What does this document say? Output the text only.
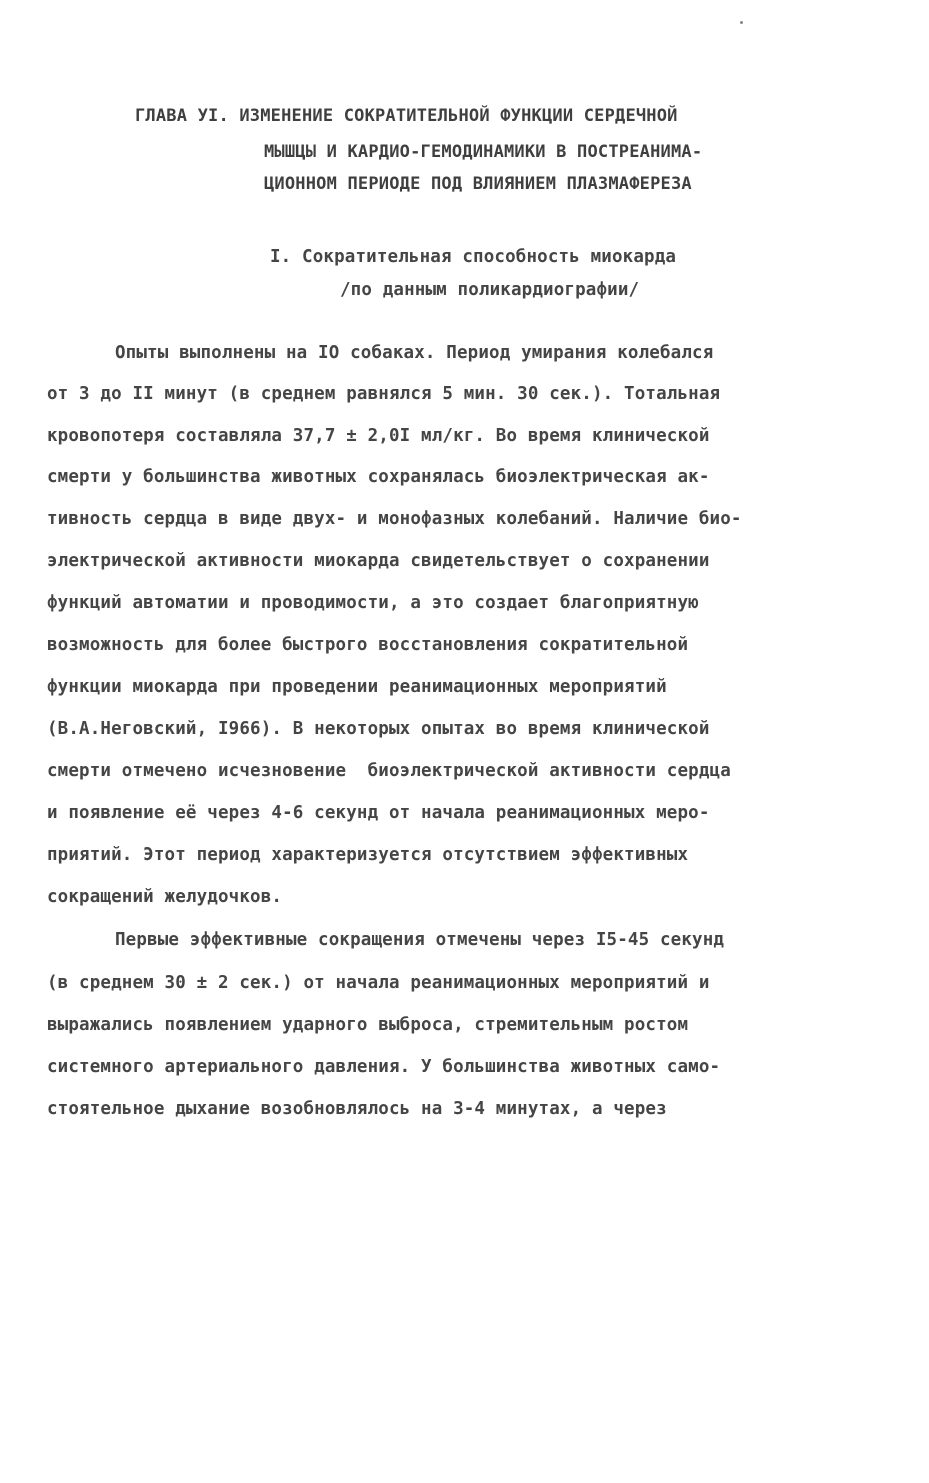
ГЛАВА УI. ИЗМЕНЕНИЕ СОКРАТИТЕЛЬНОЙ ФУНКЦИИ СЕРДЕЧНОЙ
МЫШЦЫ И КАРДИО-ГЕМОДИНАМИКИ В ПОСТРЕАНИМА-
ЦИОННОМ ПЕРИОДЕ ПОД ВЛИЯНИЕМ ПЛАЗМАФЕРЕЗА
I. Сократительная способность миокарда
/по данным поликардиографии/
Опыты выполнены на IO собаках. Период умирания колебался
от 3 до II минут (в среднем равнялся 5 мин. 30 сек.). Тотальная
кровопотеря составляла 37,7 ± 2,0I мл/кг. Во время клинической
смерти у большинства животных сохранялась биоэлектрическая ак-
тивность сердца в виде двух- и монофазных колебаний. Наличие био-
электрической активности миокарда свидетельствует о сохранении
функций автоматии и проводимости, а это создает благоприятную
возможность для более быстрого восстановления сократительной
функции миокарда при проведении реанимационных мероприятий
(В.А.Неговский, I966). В некоторых опытах во время клинической
смерти отмечено исчезновение  биоэлектрической активности сердца
и появление её через 4-6 секунд от начала реанимационных меро-
приятий. Этот период характеризуется отсутствием эффективных
сокращений желудочков.
Первые эффективные сокращения отмечены через I5-45 секунд
(в среднем 30 ± 2 сек.) от начала реанимационных мероприятий и
выражались появлением ударного выброса, стремительным ростом
системного артериального давления. У большинства животных само-
стоятельное дыхание возобновлялось на 3-4 минутах, а через
